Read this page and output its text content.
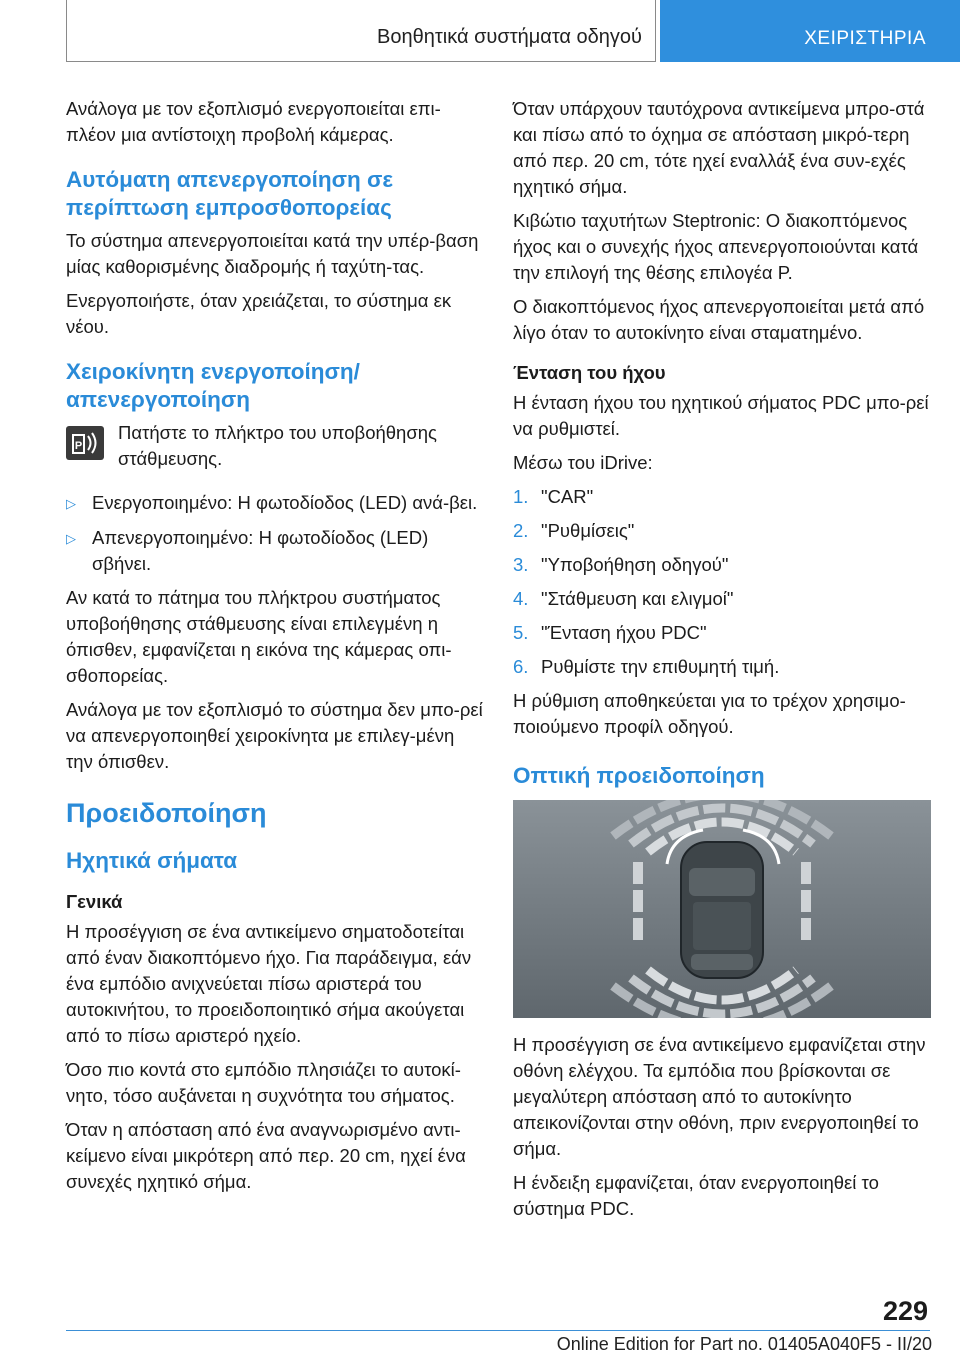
Βοηθητικά συστήματα οδηγού	ΧΕΙΡΙΣΤΗΡΙΑ

Ανάλογα με τον εξοπλισμό ενεργοποιείται επι-πλέον μια αντίστοιχη προβολή κάμερας.

Αυτόματη απενεργοποίηση σε περίπτωση εμπροσθοπορείας

Το σύστημα απενεργοποιείται κατά την υπέρ-βαση μίας καθορισμένης διαδρομής ή ταχύτη-τας.

Ενεργοποιήστε, όταν χρειάζεται, το σύστημα εκ νέου.

Χειροκίνητη ενεργοποίηση/ απενεργοποίηση
P
Πατήστε το πλήκτρο του υποβοήθησης στάθμευσης.
▷ Ενεργοποιημένο: Η φωτοδίοδος (LED) ανά-βει.
▷ Απενεργοποιημένο: Η φωτοδίοδος (LED) σβήνει.

Αν κατά το πάτημα του πλήκτρου συστήματος υποβοήθησης στάθμευσης είναι επιλεγμένη η όπισθεν, εμφανίζεται η εικόνα της κάμερας οπι-σθοπορείας.

Ανάλογα με τον εξοπλισμό το σύστημα δεν μπο-ρεί να απενεργοποιηθεί χειροκίνητα με επιλεγ-μένη την όπισθεν.

Προειδοποίηση
Ηχητικά σήματα
Γενικά

Η προσέγγιση σε ένα αντικείμενο σηματοδοτείται από έναν διακοπτόμενο ήχο. Για παράδειγμα, εάν ένα εμπόδιο ανιχνεύεται πίσω αριστερά του αυτοκινήτου, το προειδοποιητικό σήμα ακούγεται από το πίσω αριστερό ηχείο.

Όσο πιο κοντά στο εμπόδιο πλησιάζει το αυτοκί-νητο, τόσο αυξάνεται η συχνότητα του σήματος.

Όταν η απόσταση από ένα αναγνωρισμένο αντι-κείμενο είναι μικρότερη από περ. 20 cm, ηχεί ένα συνεχές ηχητικό σήμα.

Όταν υπάρχουν ταυτόχρονα αντικείμενα μπρο-στά και πίσω από το όχημα σε απόσταση μικρό-τερη από περ. 20 cm, τότε ηχεί εναλλάξ ένα συν-εχές ηχητικό σήμα.

Κιβώτιο ταχυτήτων Steptronic: Ο διακοπτόμενος ήχος και ο συνεχής ήχος απενεργοποιούνται κατά την επιλογή της θέσης επιλογέα P.

Ο διακοπτόμενος ήχος απενεργοποιείται μετά από λίγο όταν το αυτοκίνητο είναι σταματημένο.

Ένταση του ήχου

Η ένταση ήχου του ηχητικού σήματος PDC μπο-ρεί να ρυθμιστεί.

Μέσω του iDrive:

1. "CAR"
2. "Ρυθμίσεις"
3. "Υποβοήθηση οδηγού"
4. "Στάθμευση και ελιγμοί"
5. "Ένταση ήχου PDC"
6. Ρυθμίστε την επιθυμητή τιμή.

Η ρύθμιση αποθηκεύεται για το τρέχον χρησιμο-ποιούμενο προφίλ οδηγού.

Οπτική προειδοποίηση

Η προσέγγιση σε ένα αντικείμενο εμφανίζεται στην οθόνη ελέγχου. Τα εμπόδια που βρίσκονται σε μεγαλύτερη απόσταση από το αυτοκίνητο απεικονίζονται στην οθόνη, πριν ενεργοποιηθεί το σήμα.

Η ένδειξη εμφανίζεται, όταν ενεργοποιηθεί το σύστημα PDC.

229
Online Edition for Part no. 01405A040F5 - II/20
